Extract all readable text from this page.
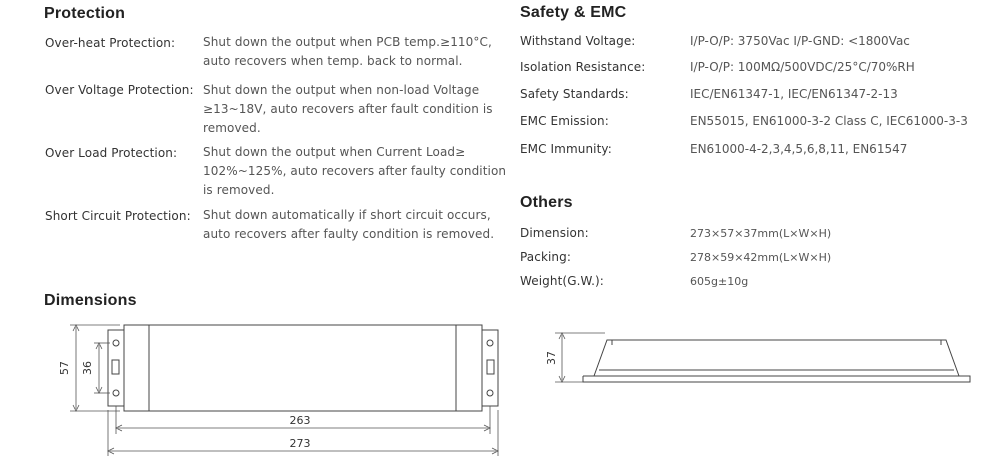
Protection
Over-heat Protection: Shut down the output when PCB temp.≥110°C,
auto recovers when temp. back to normal.
Over Voltage Protection: Shut down the output when non-load Voltage
≥13~18V, auto recovers after fault condition is
removed.
Over Load Protection: Shut down the output when Current Load≥
102%~125%, auto recovers after faulty condition
is removed.
Short Circuit Protection: Shut down automatically if short circuit occurs,
auto recovers after faulty condition is removed.
Safety & EMC
Withstand Voltage:	I/P-O/P: 3750Vac I/P-GND: <1800Vac
Isolation Resistance:	I/P-O/P: 100MΩ/500VDC/25°C/70%RH
Safety Standards:	IEC/EN61347-1, IEC/EN61347-2-13
EMC Emission:	EN55015, EN61000-3-2 Class C, IEC61000-3-3
EMC Immunity:	EN61000-4-2,3,4,5,6,8,11, EN61547
Others
Dimension:	273×57×37mm(L×W×H)
Packing:	278×59×42mm(L×W×H)
Weight(G.W.):	605g±10g
Dimensions
57 36
263
273
37
